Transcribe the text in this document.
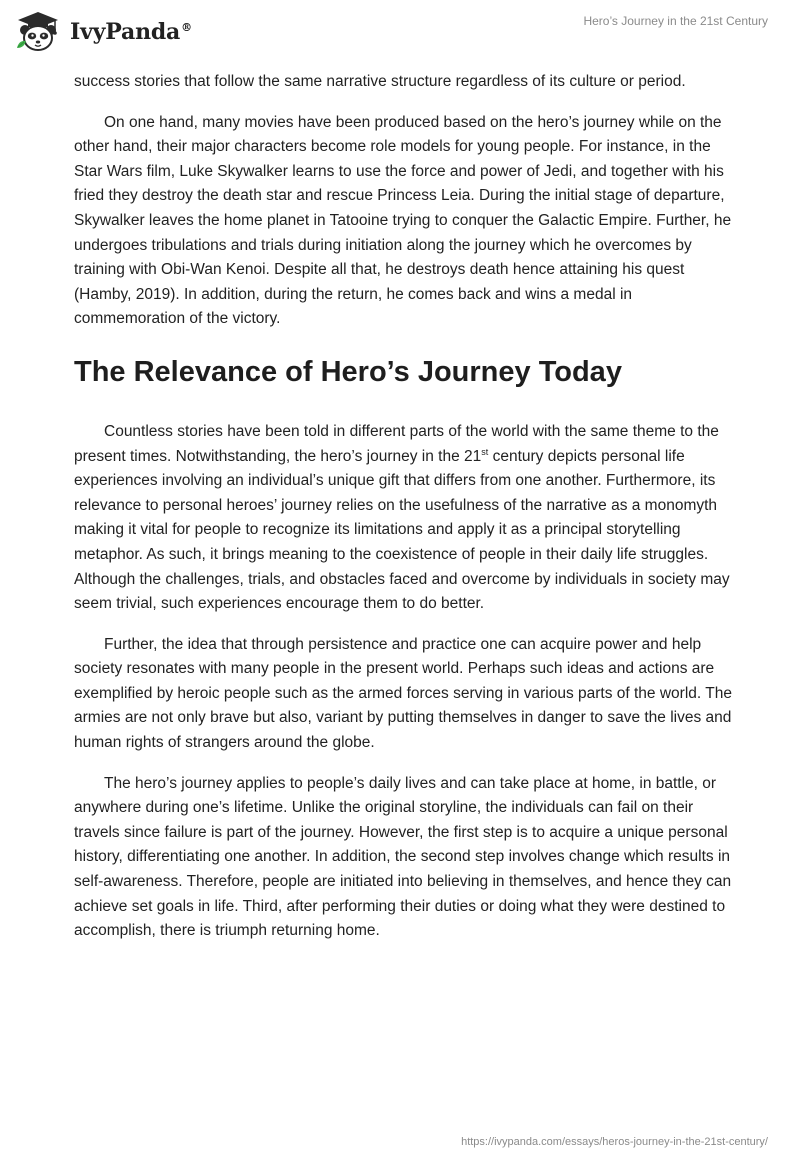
IvyPanda®	Hero’s Journey in the 21st Century

success stories that follow the same narrative structure regardless of its culture or period.

On one hand, many movies have been produced based on the hero’s journey while on the other hand, their major characters become role models for young people. For instance, in the Star Wars film, Luke Skywalker learns to use the force and power of Jedi, and together with his fried they destroy the death star and rescue Princess Leia. During the initial stage of departure, Skywalker leaves the home planet in Tatooine trying to conquer the Galactic Empire. Further, he undergoes tribulations and trials during initiation along the journey which he overcomes by training with Obi-Wan Kenoi. Despite all that, he destroys death hence attaining his quest (Hamby, 2019). In addition, during the return, he comes back and wins a medal in commemoration of the victory.

The Relevance of Hero’s Journey Today

Countless stories have been told in different parts of the world with the same theme to the present times. Notwithstanding, the hero’s journey in the 21st century depicts personal life experiences involving an individual’s unique gift that differs from one another. Furthermore, its relevance to personal heroes’ journey relies on the usefulness of the narrative as a monomyth making it vital for people to recognize its limitations and apply it as a principal storytelling metaphor. As such, it brings meaning to the coexistence of people in their daily life struggles. Although the challenges, trials, and obstacles faced and overcome by individuals in society may seem trivial, such experiences encourage them to do better.

Further, the idea that through persistence and practice one can acquire power and help society resonates with many people in the present world. Perhaps such ideas and actions are exemplified by heroic people such as the armed forces serving in various parts of the world. The armies are not only brave but also, variant by putting themselves in danger to save the lives and human rights of strangers around the globe.

The hero’s journey applies to people’s daily lives and can take place at home, in battle, or anywhere during one’s lifetime. Unlike the original storyline, the individuals can fail on their travels since failure is part of the journey. However, the first step is to acquire a unique personal history, differentiating one another. In addition, the second step involves change which results in self-awareness. Therefore, people are initiated into believing in themselves, and hence they can achieve set goals in life. Third, after performing their duties or doing what they were destined to accomplish, there is triumph returning home.

https://ivypanda.com/essays/heros-journey-in-the-21st-century/
